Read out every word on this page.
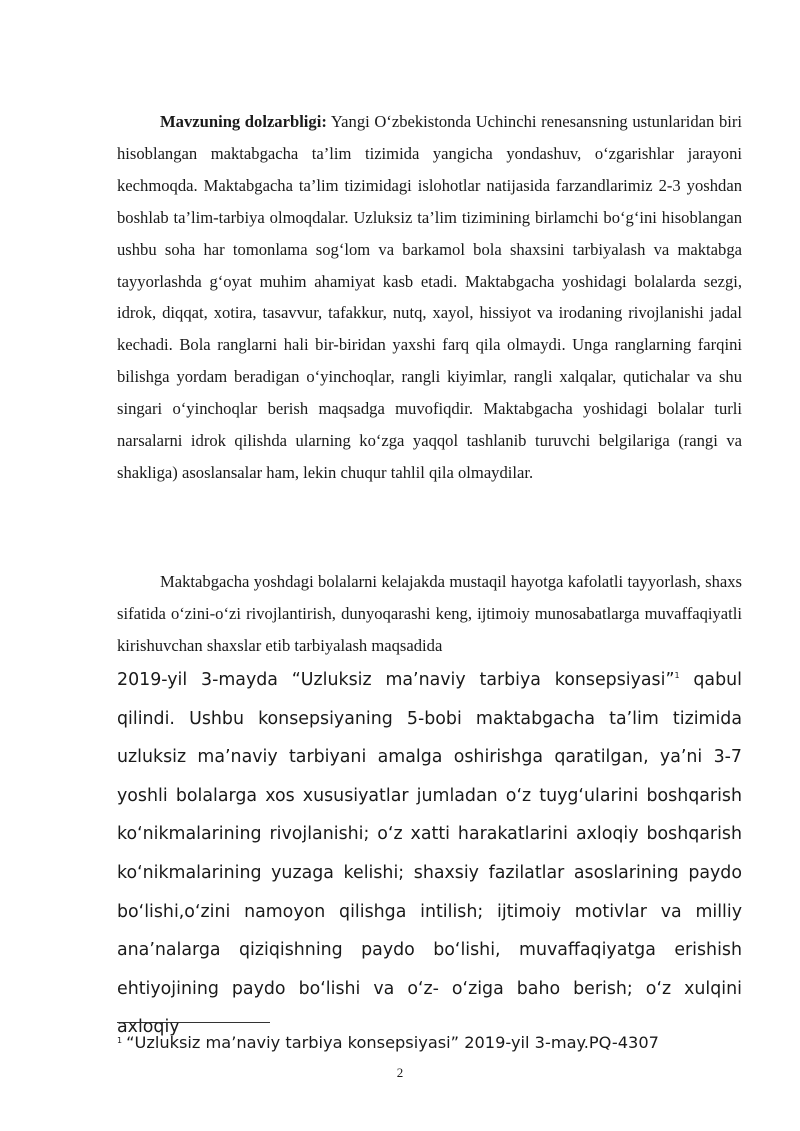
Mavzuning dolzarbligi: Yangi O‘zbekistonda Uchinchi renesansning ustunlaridan biri hisoblangan maktabgacha ta’lim tizimida yangicha yondashuv, o‘zgarishlar jarayoni kechmoqda. Maktabgacha ta’lim tizimidagi islohotlar natijasida farzandlarimiz 2-3 yoshdan boshlab ta’lim-tarbiya olmoqdalar. Uzluksiz ta’lim tizimining birlamchi bo‘g‘ini hisoblangan ushbu soha har tomonlama sog‘lom va barkamol bola shaxsini tarbiyalash va maktabga tayyorlashda g‘oyat muhim ahamiyat kasb etadi. Maktabgacha yoshidagi bolalarda sezgi, idrok, diqqat, xotira, tasavvur, tafakkur, nutq, xayol, hissiyot va irodaning rivojlanishi jadal kechadi. Bola ranglarni hali bir-biridan yaxshi farq qila olmaydi. Unga ranglarning farqini bilishga yordam beradigan o‘yinchoqlar, rangli kiyimlar, rangli xalqalar, qutichalar va shu singari o‘yinchoqlar berish maqsadga muvofiqdir. Maktabgacha yoshidagi bolalar turli narsalarni idrok qilishda ularning ko‘zga yaqqol tashlanib turuvchi belgilariga (rangi va shakliga) asoslansalar ham, lekin chuqur tahlil qila olmaydilar.

Maktabgacha yoshdagi bolalarni kelajakda mustaqil hayotga kafolatli tayyorlash, shaxs sifatida o‘zini-o‘zi rivojlantirish, dunyoqarashi keng, ijtimoiy munosabatlarga muvaffaqiyatli kirishuvchan shaxslar etib tarbiyalash maqsadida

2019-yil 3-mayda “Uzluksiz ma’naviy tarbiya konsepsiyasi”$^1$ qabul qilindi. Ushbu konsepsiyaning 5-bobi maktabgacha ta’lim tizimida uzluksiz ma’naviy tarbiyani amalga oshirishga qaratilgan, ya’ni 3-7 yoshli bolalarga xos xususiyatlar jumladan o‘z tuyg‘ularini boshqarish ko‘nikmalarining rivojlanishi; o‘z xatti harakatlarini axloqiy boshqarish ko‘nikmalarining yuzaga kelishi; shaxsiy fazilatlar asoslarining paydo bo‘lishi,o‘zini namoyon qilishga intilish; ijtimoiy motivlar va milliy ana’nalarga qiziqishning paydo bo‘lishi, muvaffaqiyatga erishish ehtiyojining paydo bo‘lishi va o‘z- o‘ziga baho berish; o‘z xulqini axloqiy

$^1$ “Uzluksiz ma’naviy tarbiya konsepsiyasi” 2019-yil 3-may.PQ-4307

2
